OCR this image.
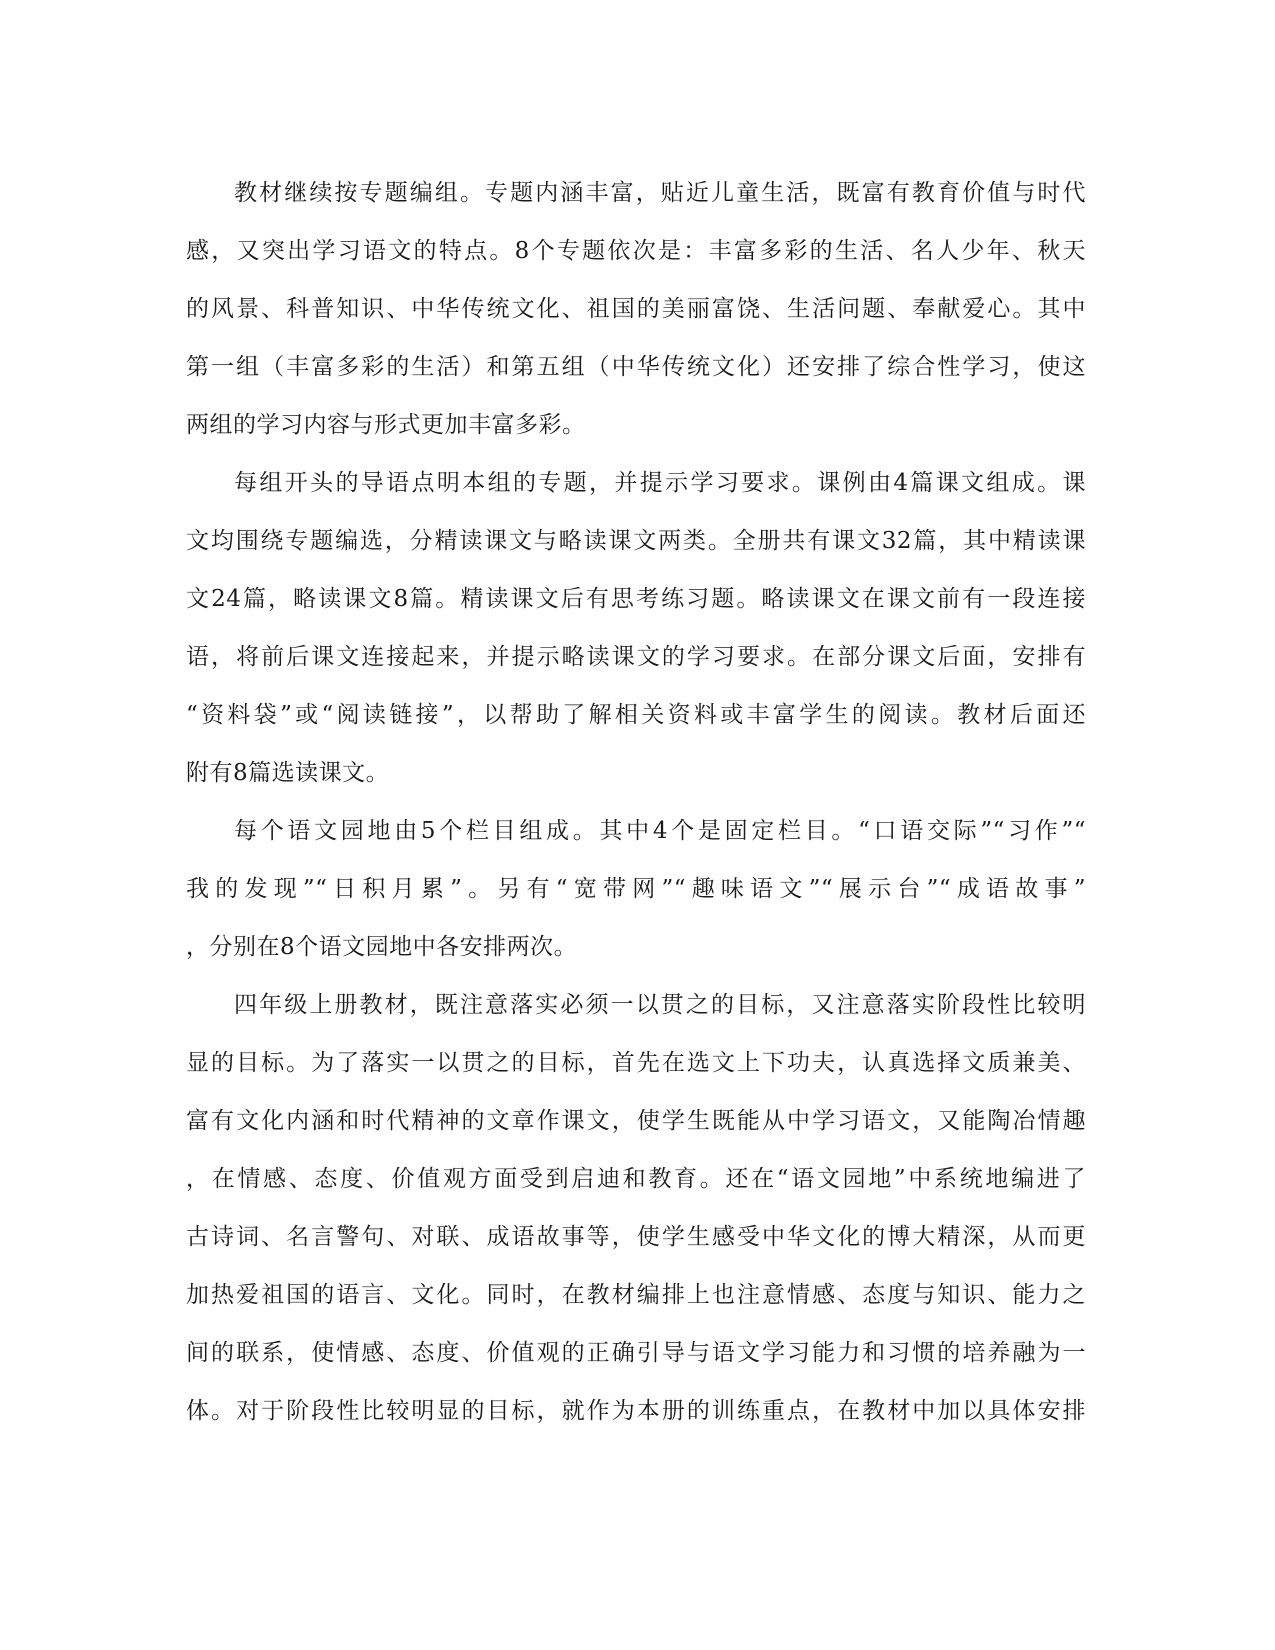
教材继续按专题编组。专题内涵丰富，贴近儿童生活，既富有教育价值与时代
感，又突出学习语文的特点。8个专题依次是：丰富多彩的生活、名人少年、秋天
的风景、科普知识、中华传统文化、祖国的美丽富饶、生活问题、奉献爱心。其中
第一组（丰富多彩的生活）和第五组（中华传统文化）还安排了综合性学习，使这
两组的学习内容与形式更加丰富多彩。
每组开头的导语点明本组的专题，并提示学习要求。课例由4篇课文组成。课
文均围绕专题编选，分精读课文与略读课文两类。全册共有课文32篇，其中精读课
文24篇，略读课文8篇。精读课文后有思考练习题。略读课文在课文前有一段连接
语，将前后课文连接起来，并提示略读课文的学习要求。在部分课文后面，安排有
“资料袋”或“阅读链接”，以帮助了解相关资料或丰富学生的阅读。教材后面还
附有8篇选读课文。
每个语文园地由5个栏目组成。其中4个是固定栏目。“口语交际”“习作”“
我的发现”“日积月累”。另有“宽带网”“趣味语文”“展示台”“成语故事”
，分别在8个语文园地中各安排两次。
四年级上册教材，既注意落实必须一以贯之的目标，又注意落实阶段性比较明
显的目标。为了落实一以贯之的目标，首先在选文上下功夫，认真选择文质兼美、
富有文化内涵和时代精神的文章作课文，使学生既能从中学习语文，又能陶冶情趣
，在情感、态度、价值观方面受到启迪和教育。还在“语文园地”中系统地编进了
古诗词、名言警句、对联、成语故事等，使学生感受中华文化的博大精深，从而更
加热爱祖国的语言、文化。同时，在教材编排上也注意情感、态度与知识、能力之
间的联系，使情感、态度、价值观的正确引导与语文学习能力和习惯的培养融为一
体。对于阶段性比较明显的目标，就作为本册的训练重点，在教材中加以具体安排
